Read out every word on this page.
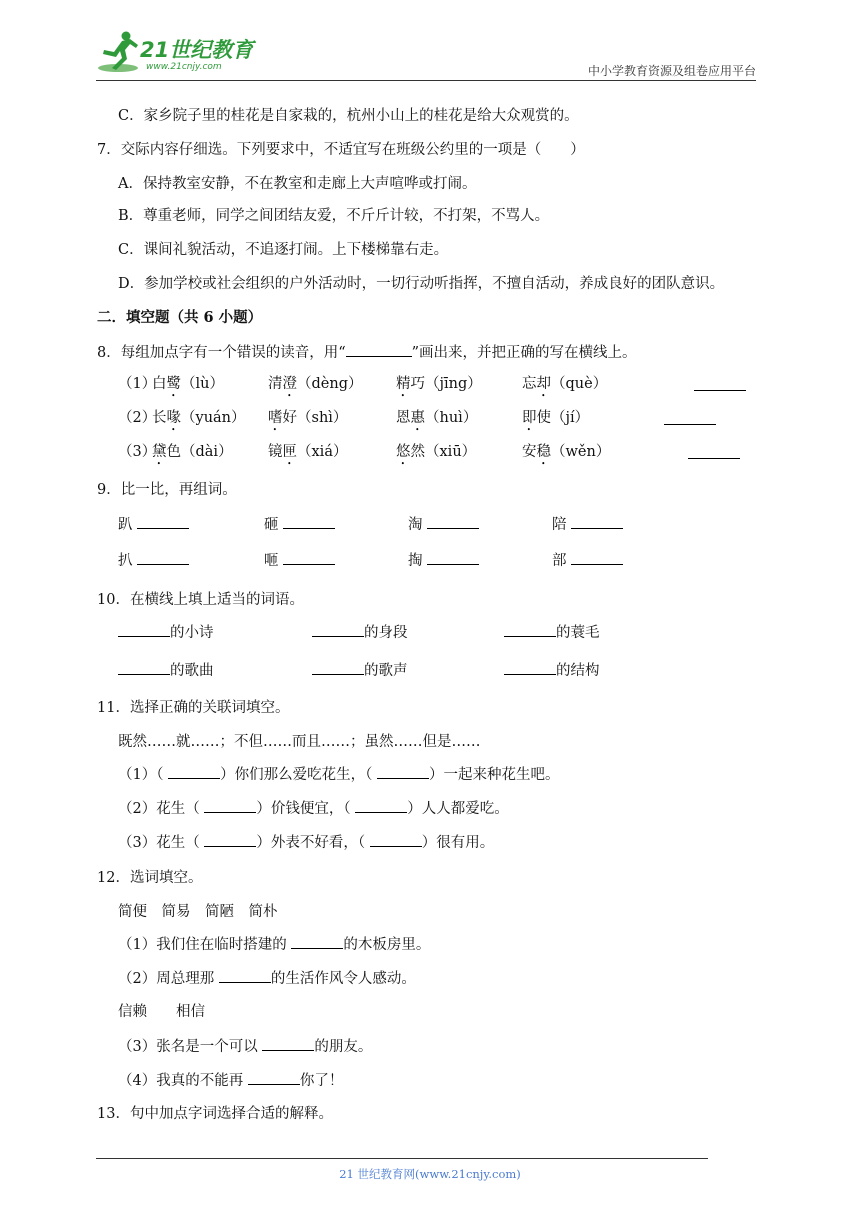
21世纪教育
www.21cnjy.com	中小学教育资源及组卷应用平台
C．家乡院子里的桂花是自家栽的，杭州小山上的桂花是给大众观赏的。
7．交际内容仔细选。下列要求中，不适宜写在班级公约里的一项是（　　）
A．保持教室安静，不在教室和走廊上大声喧哗或打闹。
B．尊重老师，同学之间团结友爱，不斤斤计较，不打架，不骂人。
C．课间礼貌活动，不追逐打闹。上下楼梯靠右走。
D．参加学校或社会组织的户外活动时，一切行动听指挥，不擅自活动，养成良好的团队意识。
二．填空题（共 6 小题）
8．每组加点字有一个错误的读音，用“	”画出来，并把正确的写在横线上。
（1）
白鹭（lù）	清澄（dèng） 精巧（jīng）	忘却（què）
（2）
长喙（yuán） 嗜好（shì）	恩惠（huì）	即使（jí）
（3）
黛色（dài） 镜匣（xiá）	悠然（xiū）	安稳（wěn）
9．比一比，再组词。
趴	砸	淘	陪
扒	咂	掏	部
10．在横线上填上适当的词语。
的小诗	的身段	的蓑毛
的歌曲	的歌声	的结构
11．选择正确的关联词填空。
既然……就……；不但……而且……；虽然……但是……
（1）（	）你们那么爱吃花生，（	）一起来种花生吧。
（2）花生（	）价钱便宜，（	）人人都爱吃。
（3）花生（	）外表不好看，（	）很有用。
12．选词填空。
简便　简易　简陋　简朴
（1）我们住在临时搭建的	的木板房里。
（2）周总理那	的生活作风令人感动。
信赖　　相信
（3）张名是一个可以	的朋友。
（4）我真的不能再	你了！
13．句中加点字词选择合适的解释。
21 世纪教育网(www.21cnjy.com)
